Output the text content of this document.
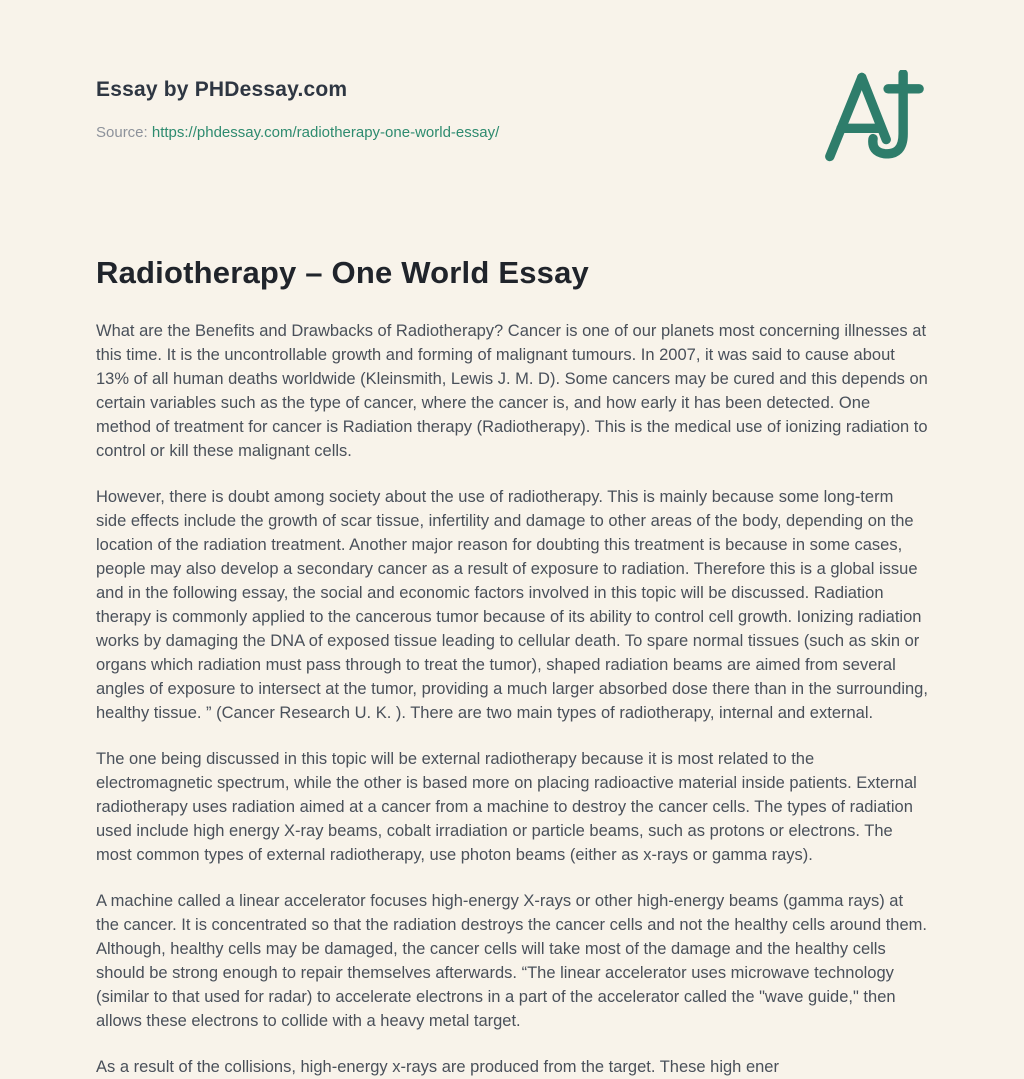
Essay by PHDessay.com
Source: https://phdessay.com/radiotherapy-one-world-essay/
Radiotherapy – One World Essay

What are the Benefits and Drawbacks of Radiotherapy? Cancer is one of our planets most concerning illnesses at this time. It is the uncontrollable growth and forming of malignant tumours. In 2007, it was said to cause about 13% of all human deaths worldwide (Kleinsmith, Lewis J. M. D). Some cancers may be cured and this depends on certain variables such as the type of cancer, where the cancer is, and how early it has been detected. One method of treatment for cancer is Radiation therapy (Radiotherapy). This is the medical use of ionizing radiation to control or kill these malignant cells.

However, there is doubt among society about the use of radiotherapy. This is mainly because some long-term side effects include the growth of scar tissue, infertility and damage to other areas of the body, depending on the location of the radiation treatment. Another major reason for doubting this treatment is because in some cases, people may also develop a secondary cancer as a result of exposure to radiation. Therefore this is a global issue and in the following essay, the social and economic factors involved in this topic will be discussed. Radiation therapy is commonly applied to the cancerous tumor because of its ability to control cell growth. Ionizing radiation works by damaging the DNA of exposed tissue leading to cellular death. To spare normal tissues (such as skin or organs which radiation must pass through to treat the tumor), shaped radiation beams are aimed from several angles of exposure to intersect at the tumor, providing a much larger absorbed dose there than in the surrounding, healthy tissue. ” (Cancer Research U. K. ). There are two main types of radiotherapy, internal and external.

The one being discussed in this topic will be external radiotherapy because it is most related to the electromagnetic spectrum, while the other is based more on placing radioactive material inside patients. External radiotherapy uses radiation aimed at a cancer from a machine to destroy the cancer cells. The types of radiation used include high energy X-ray beams, cobalt irradiation or particle beams, such as protons or electrons. The most common types of external radiotherapy, use photon beams (either as x-rays or gamma rays).

A machine called a linear accelerator focuses high-energy X-rays or other high-energy beams (gamma rays) at the cancer. It is concentrated so that the radiation destroys the cancer cells and not the healthy cells around them. Although, healthy cells may be damaged, the cancer cells will take most of the damage and the healthy cells should be strong enough to repair themselves afterwards. “The linear accelerator uses microwave technology (similar to that used for radar) to accelerate electrons in a part of the accelerator called the "wave guide," then allows these electrons to collide with a heavy metal target.

As a result of the collisions, high-energy x-rays are produced from the target. These high ener
